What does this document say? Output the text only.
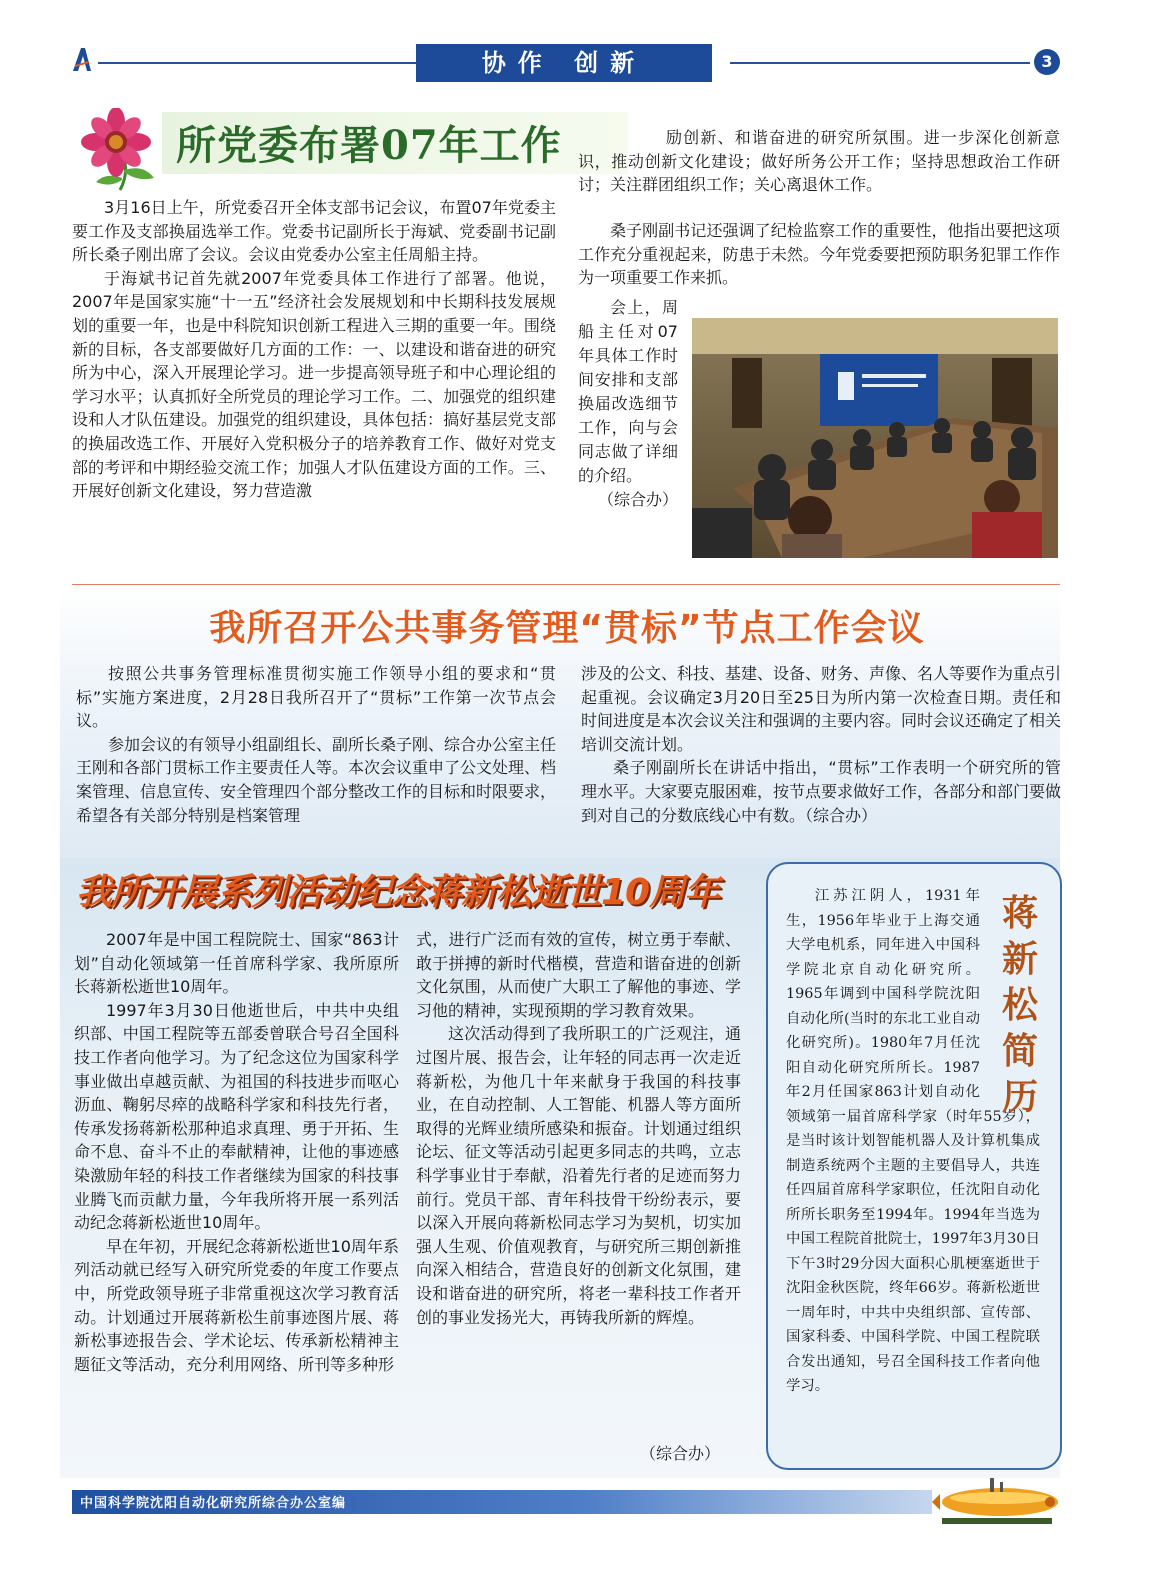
协作 创新	3
所党委布署07年工作

3月16日上午，所党委召开全体支部书记会议，布置07年党委主要工作及支部换届选举工作。党委书记副所长于海斌、党委副书记副所长桑子刚出席了会议。会议由党委办公室主任周船主持。

于海斌书记首先就2007年党委具体工作进行了部署。他说，2007年是国家实施“十一五”经济社会发展规划和中长期科技发展规划的重要一年，也是中科院知识创新工程进入三期的重要一年。围绕新的目标，各支部要做好几方面的工作：一、以建设和谐奋进的研究所为中心，深入开展理论学习。进一步提高领导班子和中心理论组的学习水平；认真抓好全所党员的理论学习工作。二、加强党的组织建设和人才队伍建设。加强党的组织建设，具体包括：搞好基层党支部的换届改选工作、开展好入党积极分子的培养教育工作、做好对党支部的考评和中期经验交流工作；加强人才队伍建设方面的工作。三、开展好创新文化建设，努力营造激

励创新、和谐奋进的研究所氛围。进一步深化创新意识，推动创新文化建设；做好所务公开工作；坚持思想政治工作研讨；关注群团组织工作；关心离退休工作。

桑子刚副书记还强调了纪检监察工作的重要性，他指出要把这项工作充分重视起来，防患于未然。今年党委要把预防职务犯罪工作作为一项重要工作来抓。

会上，周船主任对07年具体工作时间安排和支部换届改选细节工作，向与会同志做了详细的介绍。

（综合办）

我所召开公共事务管理“贯标”节点工作会议

按照公共事务管理标准贯彻实施工作领导小组的要求和“贯标”实施方案进度，2月28日我所召开了“贯标”工作第一次节点会议。

参加会议的有领导小组副组长、副所长桑子刚、综合办公室主任王刚和各部门贯标工作主要责任人等。本次会议重申了公文处理、档案管理、信息宣传、安全管理四个部分整改工作的目标和时限要求，希望各有关部分特别是档案管理

涉及的公文、科技、基建、设备、财务、声像、名人等要作为重点引起重视。会议确定3月20日至25日为所内第一次检查日期。责任和时间进度是本次会议关注和强调的主要内容。同时会议还确定了相关培训交流计划。

桑子刚副所长在讲话中指出，“贯标”工作表明一个研究所的管理水平。大家要克服困难，按节点要求做好工作，各部分和部门要做到对自己的分数底线心中有数。（综合办）

我所开展系列活动纪念蒋新松逝世10周年

2007年是中国工程院院士、国家“863计划”自动化领域第一任首席科学家、我所原所长蒋新松逝世10周年。

1997年3月30日他逝世后，中共中央组织部、中国工程院等五部委曾联合号召全国科技工作者向他学习。为了纪念这位为国家科学事业做出卓越贡献、为祖国的科技进步而呕心沥血、鞠躬尽瘁的战略科学家和科技先行者，传承发扬蒋新松那种追求真理、勇于开拓、生命不息、奋斗不止的奉献精神，让他的事迹感染激励年轻的科技工作者继续为国家的科技事业腾飞而贡献力量，今年我所将开展一系列活动纪念蒋新松逝世10周年。

早在年初，开展纪念蒋新松逝世10周年系列活动就已经写入研究所党委的年度工作要点中，所党政领导班子非常重视这次学习教育活动。计划通过开展蒋新松生前事迹图片展、蒋新松事迹报告会、学术论坛、传承新松精神主题征文等活动，充分利用网络、所刊等多种形

式，进行广泛而有效的宣传，树立勇于奉献、敢于拼搏的新时代楷模，营造和谐奋进的创新文化氛围，从而使广大职工了解他的事迹、学习他的精神，实现预期的学习教育效果。

这次活动得到了我所职工的广泛观注，通过图片展、报告会，让年轻的同志再一次走近蒋新松，为他几十年来献身于我国的科技事业，在自动控制、人工智能、机器人等方面所取得的光辉业绩所感染和振奋。计划通过组织论坛、征文等活动引起更多同志的共鸣，立志科学事业甘于奉献，沿着先行者的足迹而努力前行。党员干部、青年科技骨干纷纷表示，要以深入开展向蒋新松同志学习为契机，切实加强人生观、价值观教育，与研究所三期创新推向深入相结合，营造良好的创新文化氛围，建设和谐奋进的研究所，将老一辈科技工作者开创的事业发扬光大，再铸我所新的辉煌。

（综合办）
江苏江阴人，1931年生，1956年毕业于上海交通大学电机系，同年进入中国科学院北京自动化研究所。1965年调到中国科学院沈阳自动化所(当时的东北工业自动化研究所)。1980年7月任沈阳自动化研究所所长。1987年2月任国家863计划自动化领域第一届首席科学家（时年55岁），是当时该计划智能机器人及计算机集成制造系统两个主题的主要倡导人，共连任四届首席科学家职位，任沈阳自动化所所长职务至1994年。1994年当选为中国工程院首批院士，1997年3月30日下午3时29分因大面积心肌梗塞逝世于沈阳金秋医院，终年66岁。蒋新松逝世一周年时，中共中央组织部、宣传部、国家科委、中国科学院、中国工程院联合发出通知，号召全国科技工作者向他学习。
蒋新松简历
中国科学院沈阳自动化研究所综合办公室编
